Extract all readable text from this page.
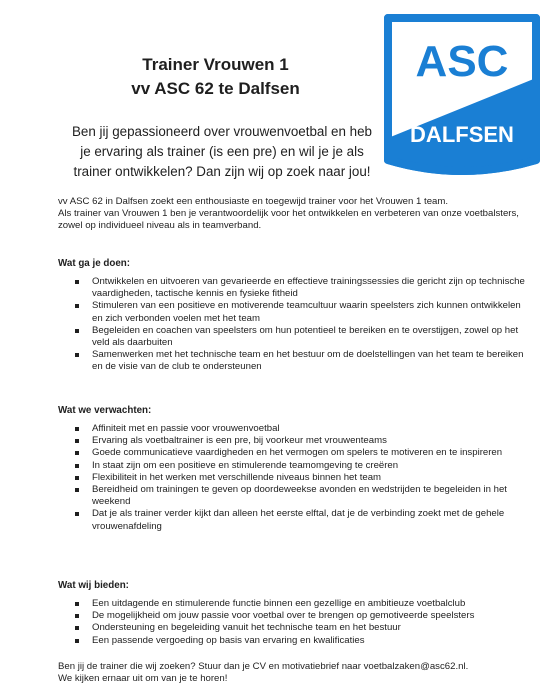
Trainer Vrouwen 1
vv ASC 62 te Dalfsen
Ben jij gepassioneerd over vrouwenvoetbal en heb je ervaring als trainer (is een pre) en wil je je als trainer ontwikkelen? Dan zijn wij op zoek naar jou!
ASC
DALFSEN

vv ASC 62 in Dalfsen zoekt een enthousiaste en toegewijd trainer voor het Vrouwen 1 team.

Als trainer van Vrouwen 1 ben je verantwoordelijk voor het ontwikkelen en verbeteren van onze voetbalsters, zowel op individueel niveau als in teamverband.

Wat ga je doen:
Ontwikkelen en uitvoeren van gevarieerde en effectieve trainingssessies die gericht zijn op technische vaardigheden, tactische kennis en fysieke fitheid
Stimuleren van een positieve en motiverende teamcultuur waarin speelsters zich kunnen ontwikkelen en zich verbonden voelen met het team
Begeleiden en coachen van speelsters om hun potentieel te bereiken en te overstijgen, zowel op het veld als daarbuiten
Samenwerken met het technische team en het bestuur om de doelstellingen van het team te bereiken en de visie van de club te ondersteunen
Wat we verwachten:
Affiniteit met en passie voor vrouwenvoetbal
Ervaring als voetbaltrainer is een pre, bij voorkeur met vrouwenteams
Goede communicatieve vaardigheden en het vermogen om spelers te motiveren en te inspireren
In staat zijn om een positieve en stimulerende teamomgeving te creëren
Flexibiliteit in het werken met verschillende niveaus binnen het team
Bereidheid om trainingen te geven op doordeweekse avonden en wedstrijden te begeleiden in het weekend
Dat je als trainer verder kijkt dan alleen het eerste elftal, dat je de verbinding zoekt met de gehele vrouwenafdeling
Wat wij bieden:
Een uitdagende en stimulerende functie binnen een gezellige en ambitieuze voetbalclub
De mogelijkheid om jouw passie voor voetbal over te brengen op gemotiveerde speelsters
Ondersteuning en begeleiding vanuit het technische team en het bestuur
Een passende vergoeding op basis van ervaring en kwalificaties

Ben jij de trainer die wij zoeken? Stuur dan je CV en motivatiebrief naar voetbalzaken@asc62.nl.

We kijken ernaar uit om van je te horen!
